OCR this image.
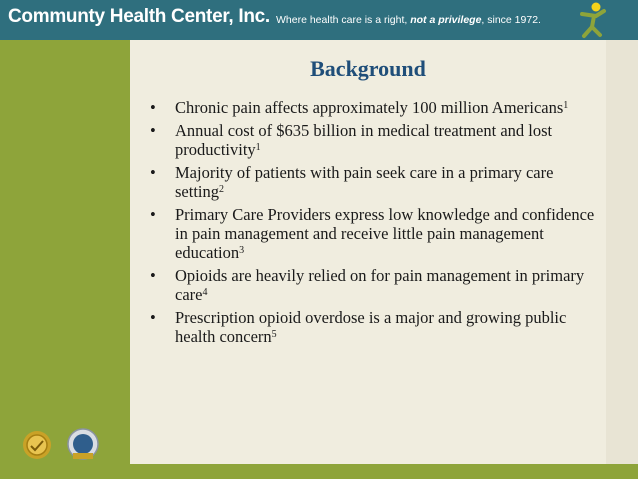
Communty Health Center, Inc. Where health care is a right, not a privilege, since 1972.
Background
• Chronic pain affects approximately 100 million Americans$^1$
• Annual cost of $635 billion in medical treatment and lost productivity$^1$
• Majority of patients with pain seek care in a primary care setting$^2$
• Primary Care Providers express low knowledge and confidence in pain management and receive little pain management education$^3$
• Opioids are heavily relied on for pain management in primary care$^4$
• Prescription opioid overdose is a major and growing public health concern$^5$
